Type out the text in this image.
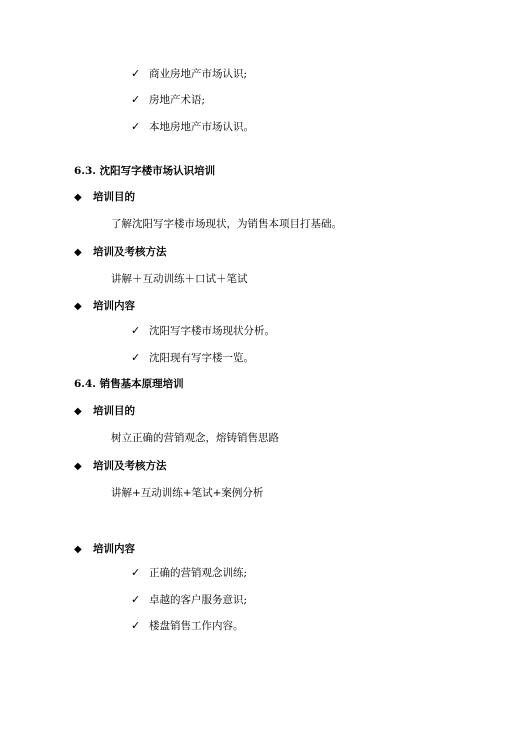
✓ 商业房地产市场认识;
✓ 房地产术语;
✓ 本地房地产市场认识。
6.3. 沈阳写字楼市场认识培训
◆ 培训目的
了解沈阳写字楼市场现状，为销售本项目打基础。
◆ 培训及考核方法
讲解＋互动训练＋口试＋笔试
◆ 培训内容
✓ 沈阳写字楼市场现状分析。
✓ 沈阳现有写字楼一览。
6.4. 销售基本原理培训
◆ 培训目的
树立正确的营销观念，熔铸销售思路
◆ 培训及考核方法
讲解+互动训练+笔试+案例分析
◆ 培训内容
✓ 正确的营销观念训练;
✓ 卓越的客户服务意识;
✓ 楼盘销售工作内容。
